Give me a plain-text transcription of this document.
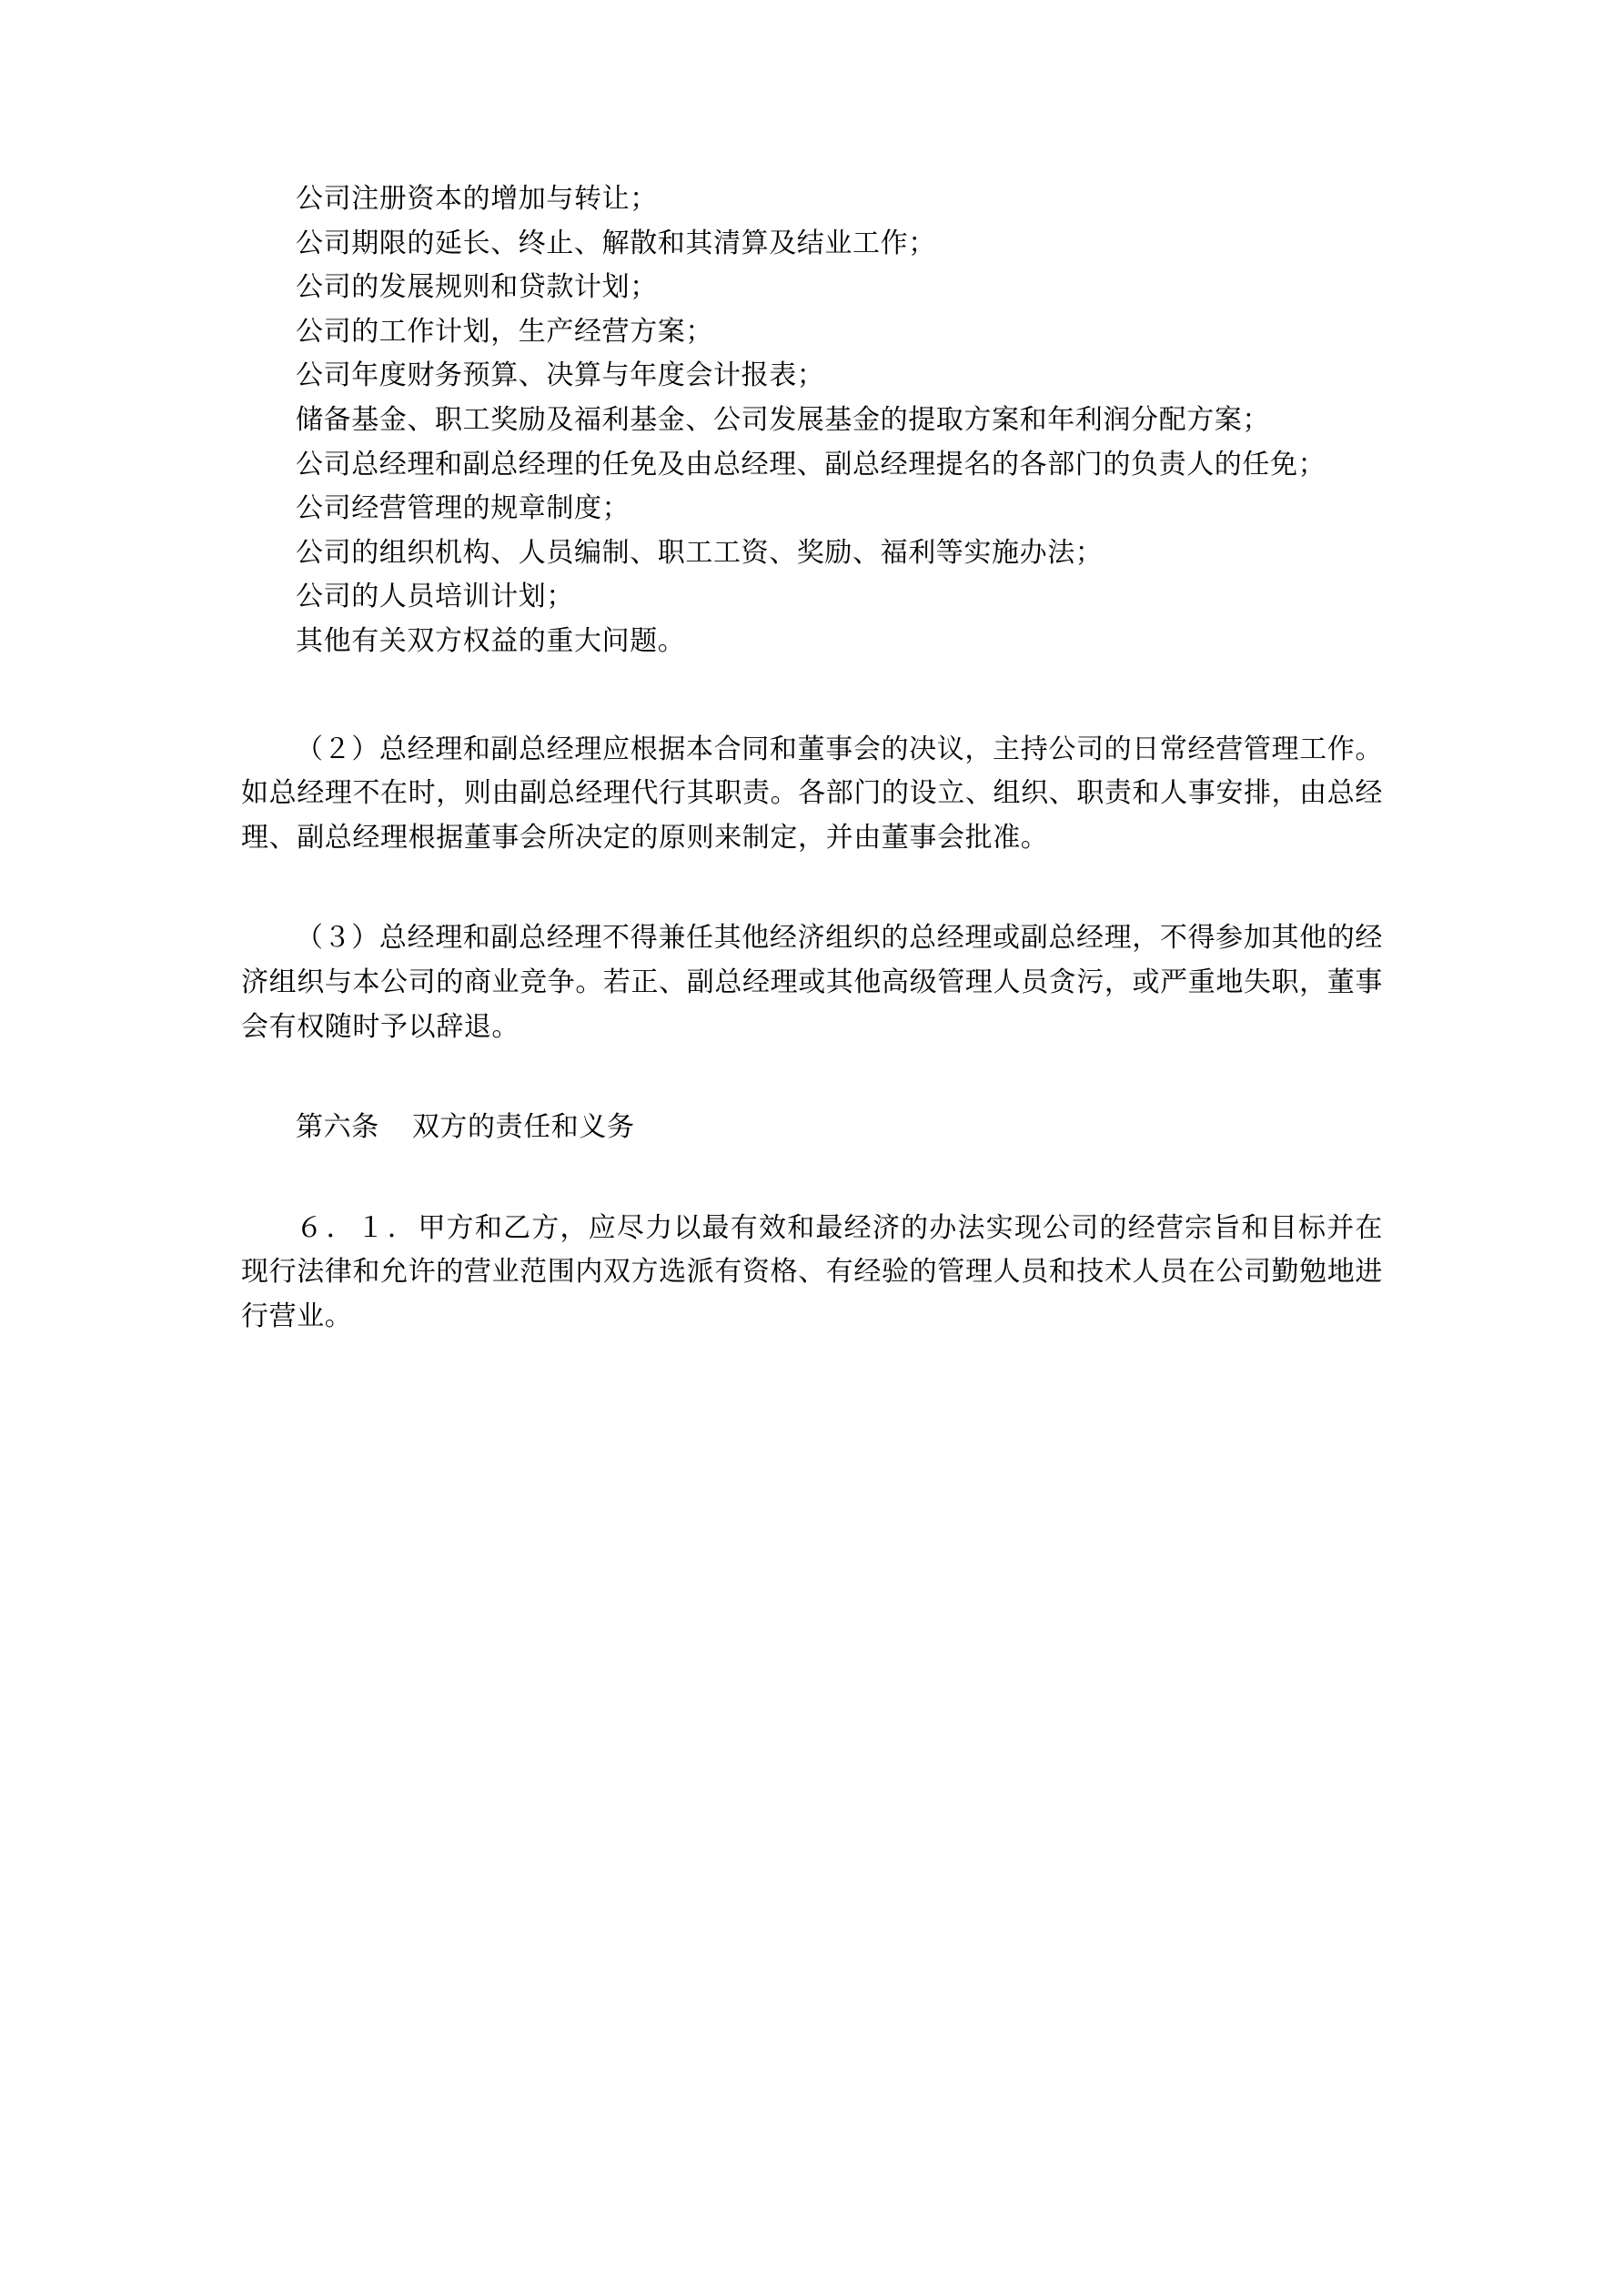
公司注册资本的增加与转让；
公司期限的延长、终止、解散和其清算及结业工作；
公司的发展规则和贷款计划；
公司的工作计划，生产经营方案；
公司年度财务预算、决算与年度会计报表；
储备基金、职工奖励及福利基金、公司发展基金的提取方案和年利润分配方案；
公司总经理和副总经理的任免及由总经理、副总经理提名的各部门的负责人的任免；
公司经营管理的规章制度；
公司的组织机构、人员编制、职工工资、奖励、福利等实施办法；
公司的人员培训计划；
其他有关双方权益的重大问题。

（２）总经理和副总经理应根据本合同和董事会的决议，主持公司的日常经营管理工作。如总经理不在时，则由副总经理代行其职责。各部门的设立、组织、职责和人事安排，由总经理、副总经理根据董事会所决定的原则来制定，并由董事会批准。

（３）总经理和副总经理不得兼任其他经济组织的总经理或副总经理，不得参加其他的经济组织与本公司的商业竞争。若正、副总经理或其他高级管理人员贪污，或严重地失职，董事会有权随时予以辞退。

第六条 双方的责任和义务

６．１．甲方和乙方，应尽力以最有效和最经济的办法实现公司的经营宗旨和目标并在现行法律和允许的营业范围内双方选派有资格、有经验的管理人员和技术人员在公司勤勉地进行营业。
